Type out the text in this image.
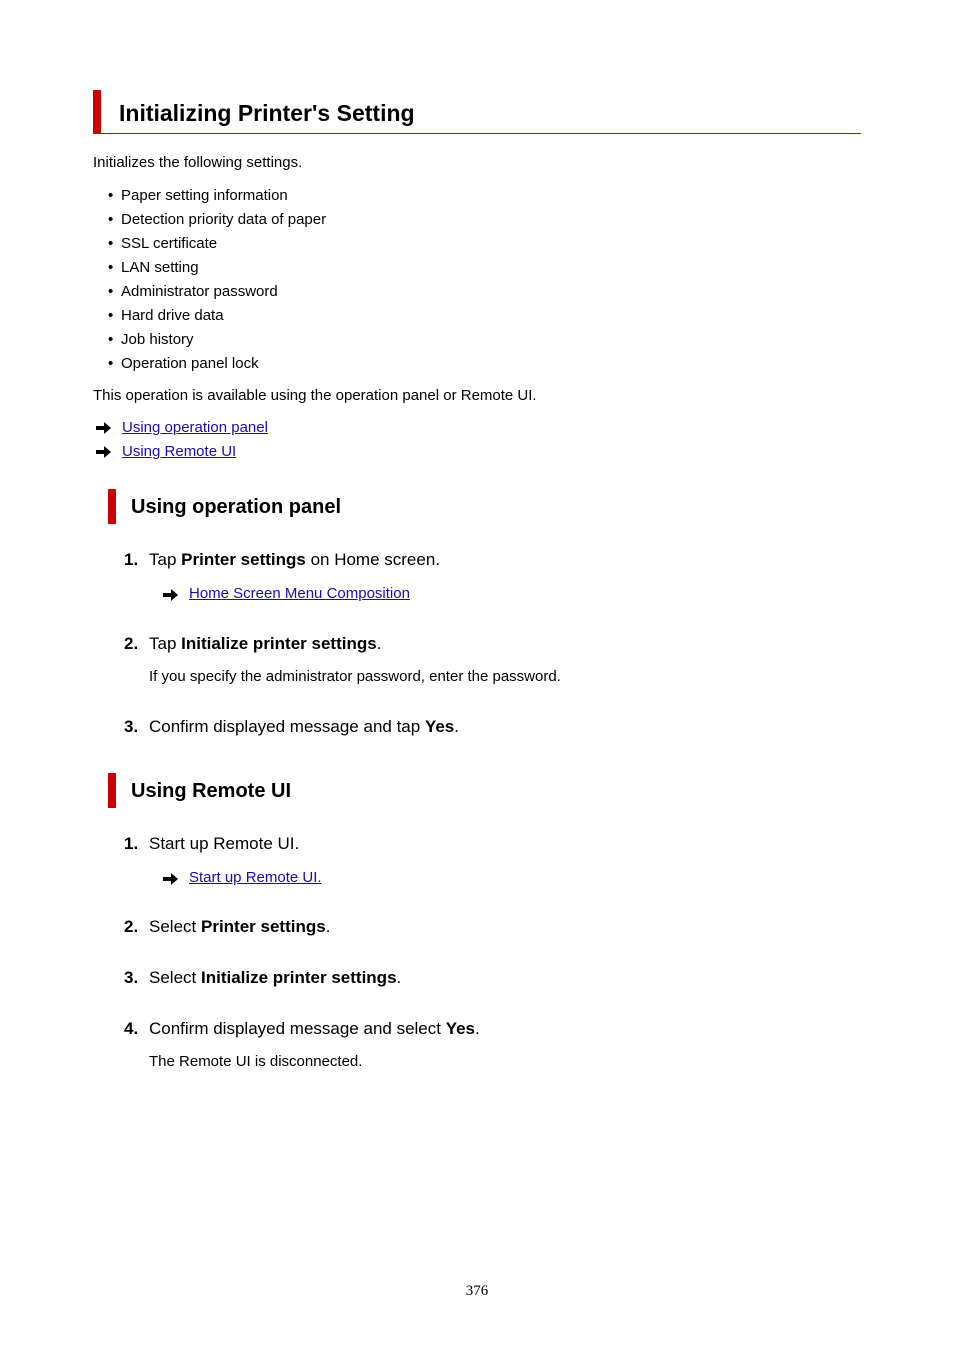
Initializing Printer's Setting
Initializes the following settings.
• Paper setting information
• Detection priority data of paper
• SSL certificate
• LAN setting
• Administrator password
• Hard drive data
• Job history
• Operation panel lock
This operation is available using the operation panel or Remote UI.
Using operation panel
Using Remote UI
Using operation panel
1. Tap Printer settings on Home screen.
Home Screen Menu Composition
2. Tap Initialize printer settings.
If you specify the administrator password, enter the password.
3. Confirm displayed message and tap Yes.
Using Remote UI
1. Start up Remote UI.
Start up Remote UI.
2. Select Printer settings.
3. Select Initialize printer settings.
4. Confirm displayed message and select Yes.
The Remote UI is disconnected.
376
